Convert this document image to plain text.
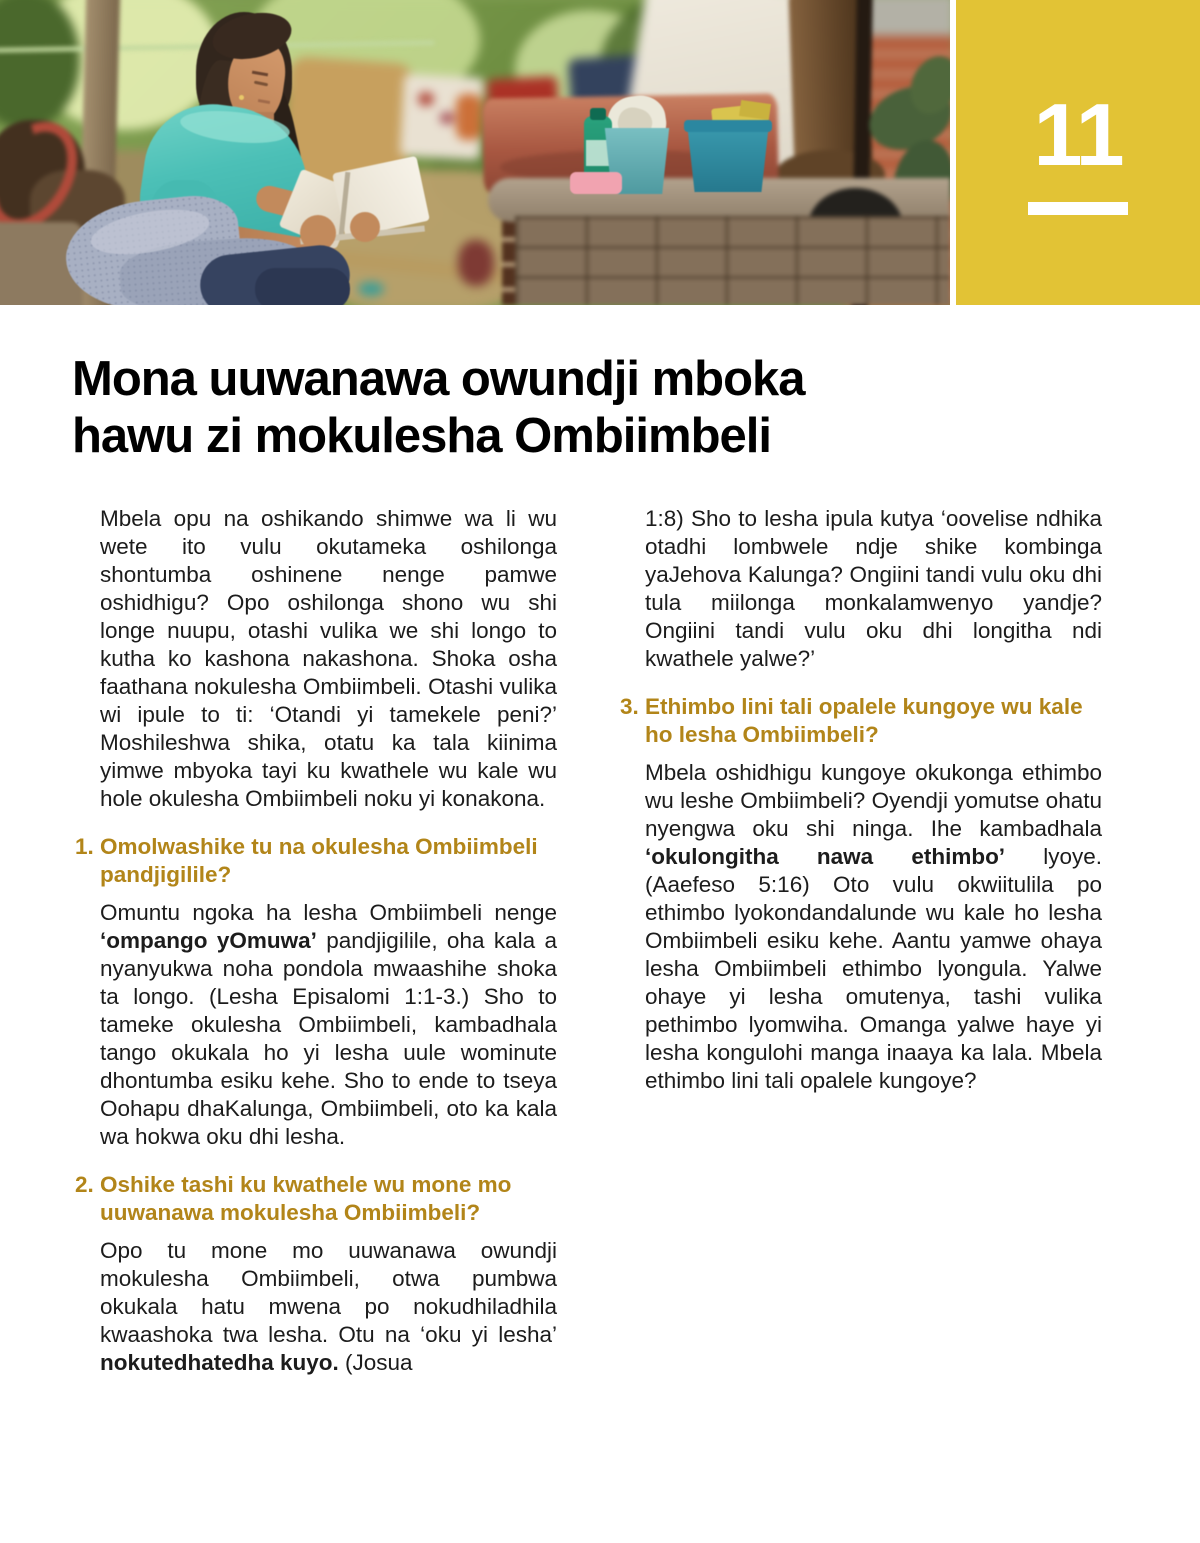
11
Mona uuwanawa owundji mboka
hawu zi mokulesha Ombiimbeli

Mbela opu na oshikando shimwe wa li wu wete ito vulu okutameka oshilonga shontumba oshinene nenge pamwe oshidhigu? Opo oshilonga shono wu shi longe nuupu, otashi vulika we shi longo to kutha ko kashona nakashona. Shoka osha faathana nokulesha Ombiimbeli. Otashi vulika wi ipule to ti: ‘Otandi yi tamekele peni?’ Moshileshwa shika, otatu ka tala kiinima yimwe mbyoka tayi ku kwathele wu kale wu hole okulesha Ombiimbeli noku yi konakona.

1. Omolwashike tu na okulesha Ombiimbeli pandjigilile?

Omuntu ngoka ha lesha Ombiimbeli nenge ‘ompango yOmuwa’ pandjigilile, oha kala a nyanyukwa noha pondola mwaashihe shoka ta longo. (Lesha Episalomi 1:1-3.) Sho to tameke okulesha Ombiimbeli, kambadhala tango okukala ho yi lesha uule wominute dhontumba esiku kehe. Sho to ende to tseya Oohapu dhaKalunga, Ombiimbeli, oto ka kala wa hokwa oku dhi lesha.

2. Oshike tashi ku kwathele wu mone mo uuwanawa mokulesha Ombiimbeli?

Opo tu mone mo uuwanawa owundji mokulesha Ombiimbeli, otwa pumbwa okukala hatu mwena po nokudhiladhila kwaashoka twa lesha. Otu na ‘oku yi lesha’ nokutedhatedha kuyo. (Josua

1:8) Sho to lesha ipula kutya ‘oovelise ndhika otadhi lombwele ndje shike kombinga yaJehova Kalunga? Ongiini tandi vulu oku dhi tula miilonga monkalamwenyo yandje? Ongiini tandi vulu oku dhi longitha ndi kwathele yalwe?’

3. Ethimbo lini tali opalele kungoye wu kale ho lesha Ombiimbeli?

Mbela oshidhigu kungoye okukonga ethimbo wu leshe Ombiimbeli? Oyendji yomutse ohatu nyengwa oku shi ninga. Ihe kambadhala ‘okulongitha nawa ethimbo’ lyoye. (Aaefeso 5:16) Oto vulu okwiitulila po ethimbo lyokondandalunde wu kale ho lesha Ombiimbeli esiku kehe. Aantu yamwe ohaya lesha Ombiimbeli ethimbo lyongula. Yalwe ohaye yi lesha omutenya, tashi vulika pethimbo lyomwiha. Omanga yalwe haye yi lesha kongulohi manga inaaya ka lala. Mbela ethimbo lini tali opalele kungoye?
